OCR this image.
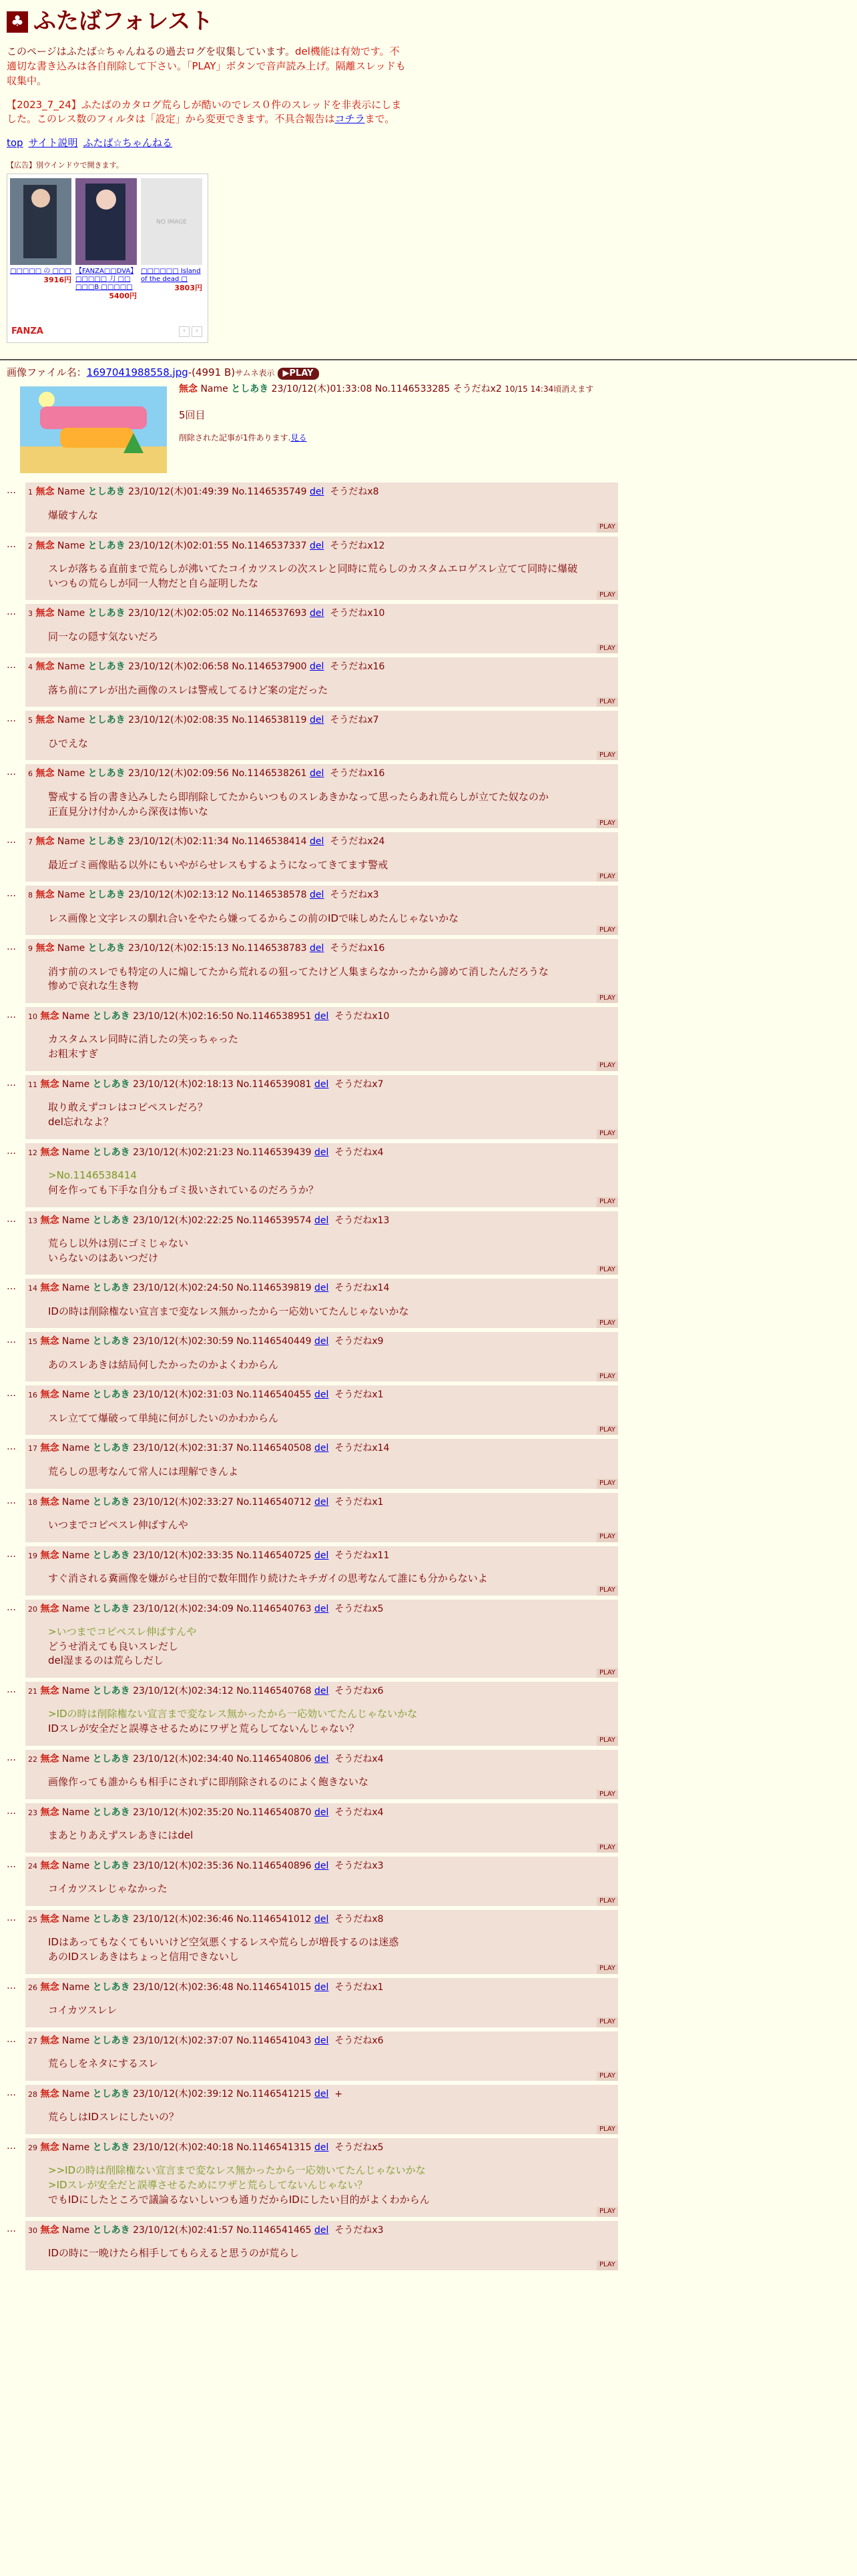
♣ ふたばフォレスト

このページはふたば☆ちゃんねるの過去ログを収集しています。del機能は有効です。不適切な書き込みは各自削除して下さい。「PLAY」ボタンで音声読み上げ。隔離スレッドも収集中。

【2023_7_24】ふたばのカタログ荒らしが酷いのでレス０件のスレッドを非表示にしました。このレス数のフィルタは「設定」から変更できます。不具合報告はコチラまで。

top サイト説明 ふたば☆ちゃんねる
【広告】別ウインドウで開きます。
□□□□□ の □□□
3916円
【FANZA□□DVA】□□□□□ 刀 □□ □□□B □□□□□
5400円
NO IMAGE
□□□□□□ Island of the dead □
3803円
FANZA	‹	›
画像ファイル名：1697041988558.jpg-(4991 B)サムネ表示 ▶PLAY
無念 Name としあき 23/10/12(木)01:33:08 No.1146533285 そうだねx2 10/15 14:34頃消えます
5回目
削除された記事が1件あります.見る
…	1 無念 Name としあき 23/10/12(木)01:49:39 No.1146535749 del そうだねx8
爆破すんな
PLAY
…	2 無念 Name としあき 23/10/12(木)02:01:55 No.1146537337 del そうだねx12
スレが落ちる直前まで荒らしが沸いてたコイカツスレの次スレと同時に荒らしのカスタムエロゲスレ立てて同時に爆破
いつもの荒らしが同一人物だと自ら証明したな
PLAY
…	3 無念 Name としあき 23/10/12(木)02:05:02 No.1146537693 del そうだねx10
同一なの隠す気ないだろ
PLAY
…	4 無念 Name としあき 23/10/12(木)02:06:58 No.1146537900 del そうだねx16
落ち前にアレが出た画像のスレは警戒してるけど案の定だった
PLAY
…	5 無念 Name としあき 23/10/12(木)02:08:35 No.1146538119 del そうだねx7
ひでえな
PLAY
…	6 無念 Name としあき 23/10/12(木)02:09:56 No.1146538261 del そうだねx16
警戒する旨の書き込みしたら即削除してたからいつものスレあきかなって思ったらあれ荒らしが立てた奴なのか
正直見分け付かんから深夜は怖いな
PLAY
…	7 無念 Name としあき 23/10/12(木)02:11:34 No.1146538414 del そうだねx24
最近ゴミ画像貼る以外にもいやがらせレスもするようになってきてます警戒
PLAY
…	8 無念 Name としあき 23/10/12(木)02:13:12 No.1146538578 del そうだねx3
レス画像と文字レスの馴れ合いをやたら嫌ってるからこの前のIDで味しめたんじゃないかな
PLAY
…	9 無念 Name としあき 23/10/12(木)02:15:13 No.1146538783 del そうだねx16
消す前のスレでも特定の人に煽してたから荒れるの狙ってたけど人集まらなかったから諦めて消したんだろうな
惨めで哀れな生き物
PLAY
…	10 無念 Name としあき 23/10/12(木)02:16:50 No.1146538951 del そうだねx10
カスタムスレ同時に消したの笑っちゃった
お粗末すぎ
PLAY
…	11 無念 Name としあき 23/10/12(木)02:18:13 No.1146539081 del そうだねx7
取り敢えずコレはコピペスレだろ？
del忘れなよ？
PLAY
…	12 無念 Name としあき 23/10/12(木)02:21:23 No.1146539439 del そうだねx4
>No.1146538414
何を作っても下手な自分もゴミ扱いされているのだろうか？
PLAY
…	13 無念 Name としあき 23/10/12(木)02:22:25 No.1146539574 del そうだねx13
荒らし以外は別にゴミじゃない
いらないのはあいつだけ
PLAY
…	14 無念 Name としあき 23/10/12(木)02:24:50 No.1146539819 del そうだねx14
IDの時は削除権ない宣言まで変なレス無かったから一応効いてたんじゃないかな
PLAY
…	15 無念 Name としあき 23/10/12(木)02:30:59 No.1146540449 del そうだねx9
あのスレあきは結局何したかったのかよくわからん
PLAY
…	16 無念 Name としあき 23/10/12(木)02:31:03 No.1146540455 del そうだねx1
スレ立てて爆破って単純に何がしたいのかわからん
PLAY
…	17 無念 Name としあき 23/10/12(木)02:31:37 No.1146540508 del そうだねx14
荒らしの思考なんて常人には理解できんよ
PLAY
…	18 無念 Name としあき 23/10/12(木)02:33:27 No.1146540712 del そうだねx1
いつまでコピペスレ伸ばすんや
PLAY
…	19 無念 Name としあき 23/10/12(木)02:33:35 No.1146540725 del そうだねx11
すぐ消される糞画像を嫌がらせ目的で数年間作り続けたキチガイの思考なんて誰にも分からないよ
PLAY
…	20 無念 Name としあき 23/10/12(木)02:34:09 No.1146540763 del そうだねx5
>いつまでコピペスレ伸ばすんや
どうせ消えても良いスレだし
del湿まるのは荒らしだし
PLAY
…	21 無念 Name としあき 23/10/12(木)02:34:12 No.1146540768 del そうだねx6
>IDの時は削除権ない宣言まで変なレス無かったから一応効いてたんじゃないかな
IDスレが安全だと誤導させるためにワザと荒らしてないんじゃない？
PLAY
…	22 無念 Name としあき 23/10/12(木)02:34:40 No.1146540806 del そうだねx4
画像作っても誰からも相手にされずに即削除されるのによく飽きないな
PLAY
…	23 無念 Name としあき 23/10/12(木)02:35:20 No.1146540870 del そうだねx4
まあとりあえずスレあきにはdel
PLAY
…	24 無念 Name としあき 23/10/12(木)02:35:36 No.1146540896 del そうだねx3
コイカツスレじゃなかった
PLAY
…	25 無念 Name としあき 23/10/12(木)02:36:46 No.1146541012 del そうだねx8
IDはあってもなくてもいいけど空気悪くするレスや荒らしが増長するのは迷惑
あのIDスレあきはちょっと信用できないし
PLAY
…	26 無念 Name としあき 23/10/12(木)02:36:48 No.1146541015 del そうだねx1
コイカツスレレ
PLAY
…	27 無念 Name としあき 23/10/12(木)02:37:07 No.1146541043 del そうだねx6
荒らしをネタにするスレ
PLAY
…	28 無念 Name としあき 23/10/12(木)02:39:12 No.1146541215 del +
荒らしはIDスレにしたいの？
PLAY
…	29 無念 Name としあき 23/10/12(木)02:40:18 No.1146541315 del そうだねx5
>>IDの時は削除権ない宣言まで変なレス無かったから一応効いてたんじゃないかな
>IDスレが安全だと誤導させるためにワザと荒らしてないんじゃない？
でもIDにしたところで議論るないしいつも通りだからIDにしたい目的がよくわからん
PLAY
…	30 無念 Name としあき 23/10/12(木)02:41:57 No.1146541465 del そうだねx3
IDの時に一晩けたら相手してもらえると思うのが荒らし
PLAY
